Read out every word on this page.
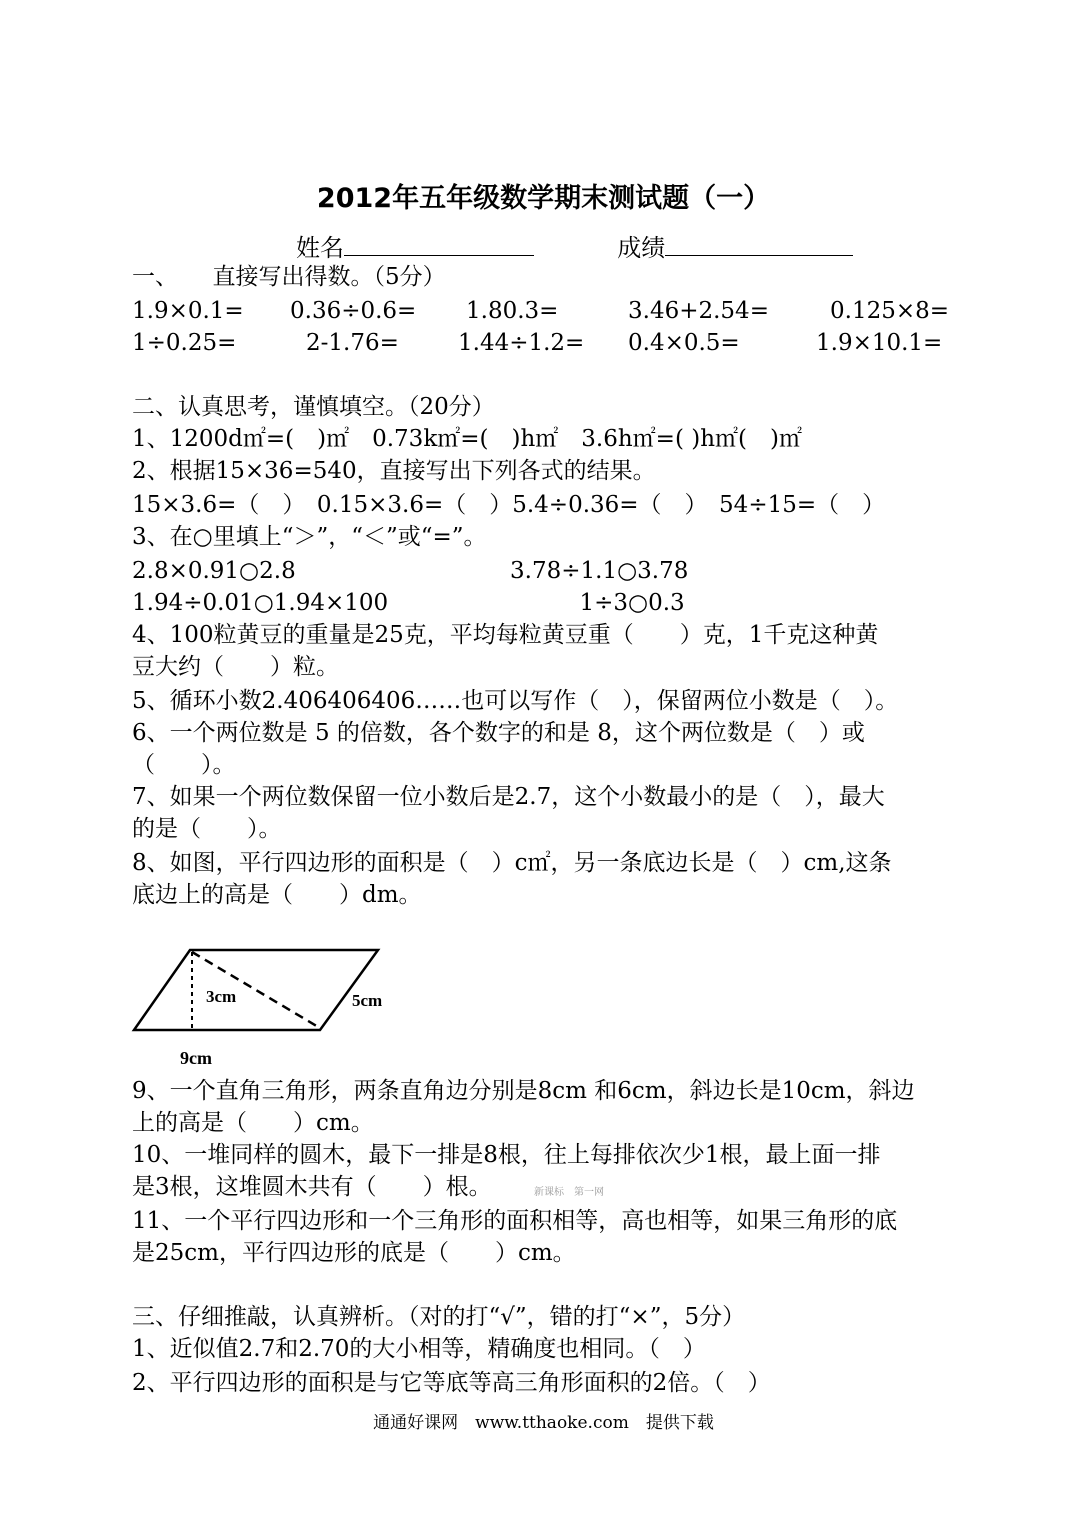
2012年五年级数学期末测试题（一）
姓名	成绩
一、　　直接写出得数。（5分）
1.9×0.1= 0.36÷0.6= 1.80.3=	3.46+2.54=	0.125×8=
1÷0.25=	2-1.76=	1.44÷1.2= 0.4×0.5=	1.9×10.1=
二、认真思考，谨慎填空。（20分）
1、1200d㎡=(　)㎡　0.73k㎡=(　)h㎡　3.6h㎡=( )h㎡(　)㎡
2、根据15×36=540，直接写出下列各式的结果。
15×3.6=（　）　0.15×3.6=（　）5.4÷0.36=（　）　54÷15=（　）
3、在○里填上“＞”，“＜”或“=”。
2.8×0.91○2.8　　　　　　　　　 3.78÷1.1○3.78
1.94÷0.01○1.94×100　　　　　　　　 1÷3○0.3
4、100粒黄豆的重量是25克，平均每粒黄豆重（　　）克，1千克这种黄
豆大约（　　）粒。
5、循环小数2.406406406……也可以写作（　），保留两位小数是（　）。
6、一个两位数是 5 的倍数，各个数字的和是 8，这个两位数是（　）或
（　　）。
7、如果一个两位数保留一位小数后是2.7，这个小数最小的是（　），最大
的是（　　）。
8、如图，平行四边形的面积是（　）c㎡，另一条底边长是（　）cm,这条
底边上的高是（　　）dm。
3cm	5cm
9cm
9、一个直角三角形，两条直角边分别是8cm 和6cm，斜边长是10cm，斜边
上的高是（　　）cm。
10、一堆同样的圆木，最下一排是8根，往上每排依次少1根，最上面一排
是3根，这堆圆木共有（　　）根。	新课标　第一网
11、一个平行四边形和一个三角形的面积相等，高也相等，如果三角形的底
是25cm，平行四边形的底是（　　）cm。
三、仔细推敲，认真辨析。（对的打“√”，错的打“×”，5分）
1、近似值2.7和2.70的大小相等，精确度也相同。（　）
2、平行四边形的面积是与它等底等高三角形面积的2倍。（　）
通通好课网　www.tthaoke.com　提供下载
